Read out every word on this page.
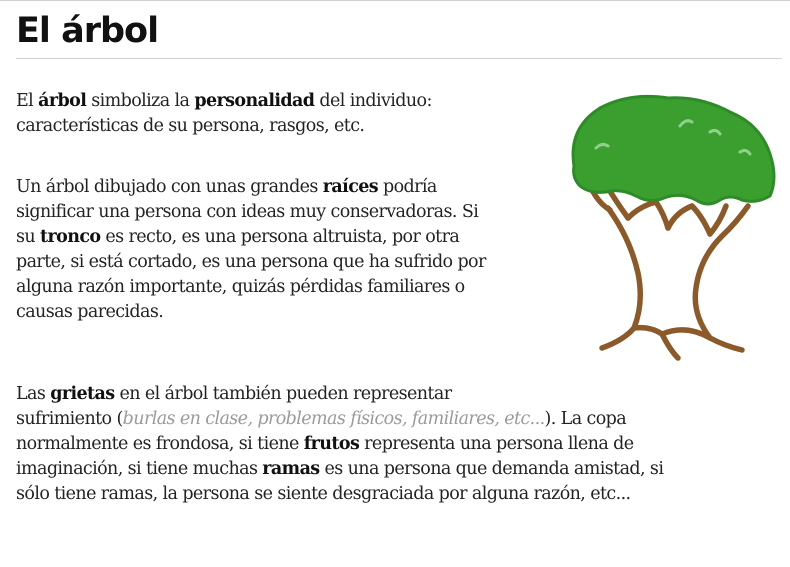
El árbol
El árbol simboliza la personalidad del individuo:
características de su persona, rasgos, etc.
Un árbol dibujado con unas grandes raíces podría
significar una persona con ideas muy conservadoras. Si
su tronco es recto, es una persona altruista, por otra
parte, si está cortado, es una persona que ha sufrido por
alguna razón importante, quizás pérdidas familiares o
causas parecidas.
Las grietas en el árbol también pueden representar
sufrimiento (burlas en clase, problemas físicos, familiares, etc...). La copa
normalmente es frondosa, si tiene frutos representa una persona llena de
imaginación, si tiene muchas ramas es una persona que demanda amistad, si
sólo tiene ramas, la persona se siente desgraciada por alguna razón, etc...
